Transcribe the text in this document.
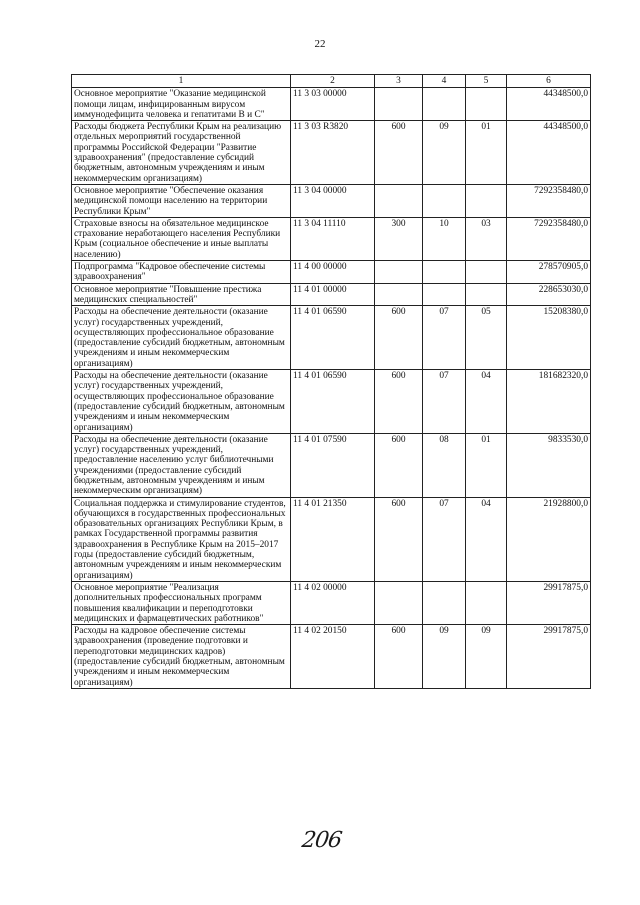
22
1	2	3	4	5	6
Основное мероприятие "Оказание медицинской помощи лицам, инфицированным вирусом иммунодефицита человека и гепатитами В и С"	11 3 03 00000				44348500,0
Расходы бюджета Республики Крым на реализацию отдельных мероприятий государственной программы Российской Федерации "Развитие здравоохранения" (предоставление субсидий бюджетным, автономным учреждениям и иным некоммерческим организациям)	11 3 03 R3820	600	09	01	44348500,0
Основное мероприятие "Обеспечение оказания медицинской помощи населению на территории Республики Крым"	11 3 04 00000				7292358480,0
Страховые взносы на обязательное медицинское страхование неработающего населения Республики Крым (социальное обеспечение и иные выплаты населению)	11 3 04 11110	300	10	03	7292358480,0
Подпрограмма "Кадровое обеспечение системы здравоохранения"	11 4 00 00000				278570905,0
Основное мероприятие "Повышение престижа медицинских специальностей"	11 4 01 00000				228653030,0
Расходы на обеспечение деятельности (оказание услуг) государственных учреждений, осуществляющих профессиональное образование (предоставление субсидий бюджетным, автономным учреждениям и иным некоммерческим организациям)	11 4 01 06590	600	07	05	15208380,0
Расходы на обеспечение деятельности (оказание услуг) государственных учреждений, осуществляющих профессиональное образование (предоставление субсидий бюджетным, автономным учреждениям и иным некоммерческим организациям)	11 4 01 06590	600	07	04	181682320,0
Расходы на обеспечение деятельности (оказание услуг) государственных учреждений, предоставление населению услуг библиотечными учреждениями (предоставление субсидий бюджетным, автономным учреждениям и иным некоммерческим организациям)	11 4 01 07590	600	08	01	9833530,0
Социальная поддержка и стимулирование студентов, обучающихся в государственных профессиональных образовательных организациях Республики Крым, в рамках Государственной программы развития здравоохранения в Республике Крым на 2015–2017 годы (предоставление субсидий бюджетным, автономным учреждениям и иным некоммерческим организациям)	11 4 01 21350	600	07	04	21928800,0
Основное мероприятие "Реализация дополнительных профессиональных программ повышения квалификации и переподготовки медицинских и фармацевтических работников"	11 4 02 00000				29917875,0
Расходы на кадровое обеспечение системы здравоохранения (проведение подготовки и переподготовки медицинских кадров) (предоставление субсидий бюджетным, автономным учреждениям и иным некоммерческим организациям)	11 4 02 20150	600	09	09	29917875,0
206
